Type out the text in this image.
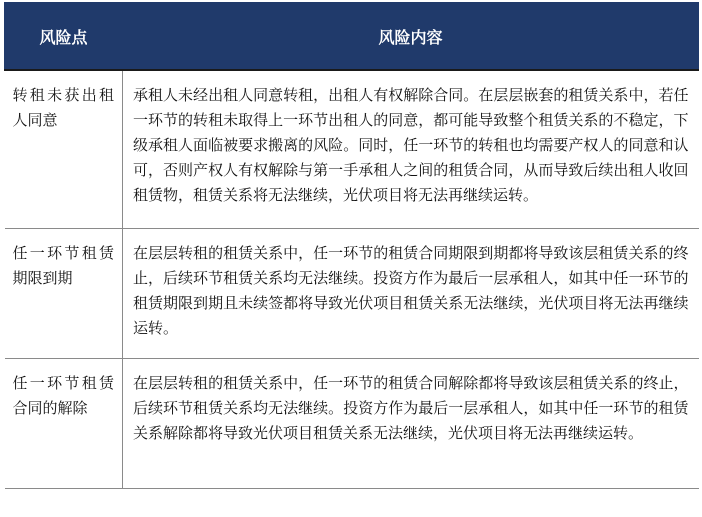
风险点	风险内容
转租未获出租人同意	承租人未经出租人同意转租，出租人有权解除合同。在层层嵌套的租赁关系中，若任一环节的转租未取得上一环节出租人的同意，都可能导致整个租赁关系的不稳定，下级承租人面临被要求搬离的风险。同时，任一环节的转租也均需要产权人的同意和认可，否则产权人有权解除与第一手承租人之间的租赁合同，从而导致后续出租人收回租赁物，租赁关系将无法继续，光伏项目将无法再继续运转。
任一环节租赁期限到期	在层层转租的租赁关系中，任一环节的租赁合同期限到期都将导致该层租赁关系的终止，后续环节租赁关系均无法继续。投资方作为最后一层承租人，如其中任一环节的租赁期限到期且未续签都将导致光伏项目租赁关系无法继续，光伏项目将无法再继续运转。
任一环节租赁合同的解除	在层层转租的租赁关系中，任一环节的租赁合同解除都将导致该层租赁关系的终止，后续环节租赁关系均无法继续。投资方作为最后一层承租人，如其中任一环节的租赁关系解除都将导致光伏项目租赁关系无法继续，光伏项目将无法再继续运转。
